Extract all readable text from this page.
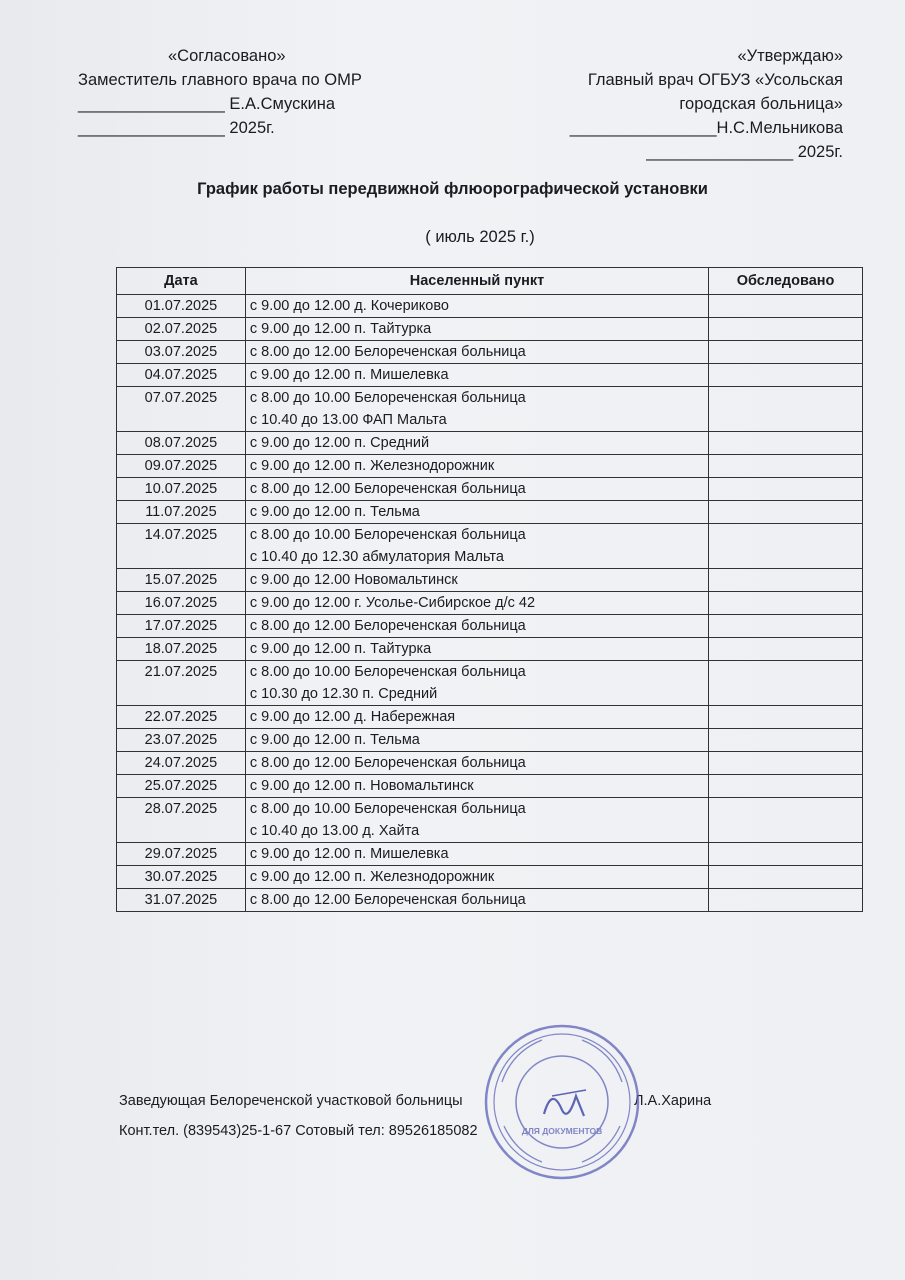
«Согласовано»
Заместитель главного врача по ОМР
________________ Е.А.Смускина
________________ 2025г.
«Утверждаю»
Главный врач ОГБУЗ «Усольская
городская больница»
________________Н.С.Мельникова
________________ 2025г.
График работы передвижной флюорографической установки
( июль 2025 г.)
Дата	Населенный пункт	Обследовано
01.07.2025	с 9.00 до 12.00 д. Кочериково	

02.07.2025	с 9.00 до 12.00 п. Тайтурка	

03.07.2025	с 8.00 до 12.00 Белореченская больница	

04.07.2025	с 9.00 до 12.00 п. Мишелевка	

07.07.2025	с 8.00 до 10.00 Белореченская больница
с 10.40 до 13.00 ФАП Мальта	

08.07.2025	с 9.00 до 12.00 п. Средний	

09.07.2025	с 9.00 до 12.00 п. Железнодорожник	

10.07.2025	с 8.00 до 12.00 Белореченская больница	

11.07.2025	с 9.00 до 12.00 п. Тельма	

14.07.2025	с 8.00 до 10.00 Белореченская больница
с 10.40 до 12.30 абмулатория Мальта	

15.07.2025	с 9.00 до 12.00 Новомальтинск	

16.07.2025	с 9.00 до 12.00 г. Усолье-Сибирское д/с 42	

17.07.2025	с 8.00 до 12.00 Белореченская больница	

18.07.2025	с 9.00 до 12.00 п. Тайтурка	

21.07.2025	с 8.00 до 10.00 Белореченская больница
с 10.30 до 12.30 п. Средний	

22.07.2025	с 9.00 до 12.00 д. Набережная	

23.07.2025	с 9.00 до 12.00 п. Тельма	

24.07.2025	с 8.00 до 12.00 Белореченская больница	

25.07.2025	с 9.00 до 12.00 п. Новомальтинск	

28.07.2025	с 8.00 до 10.00 Белореченская больница
с 10.40 до 13.00 д. Хайта	

29.07.2025	с 9.00 до 12.00 п. Мишелевка	

30.07.2025	с 9.00 до 12.00 п. Железнодорожник	

31.07.2025	с 8.00 до 12.00 Белореченская больница	

Заведующая Белореченской участковой больницы	Л.А.Харина
Конт.тел. (839543)25-1-67 Сотовый тел: 89526185082	ДЛЯ ДОКУМЕНТОВ
